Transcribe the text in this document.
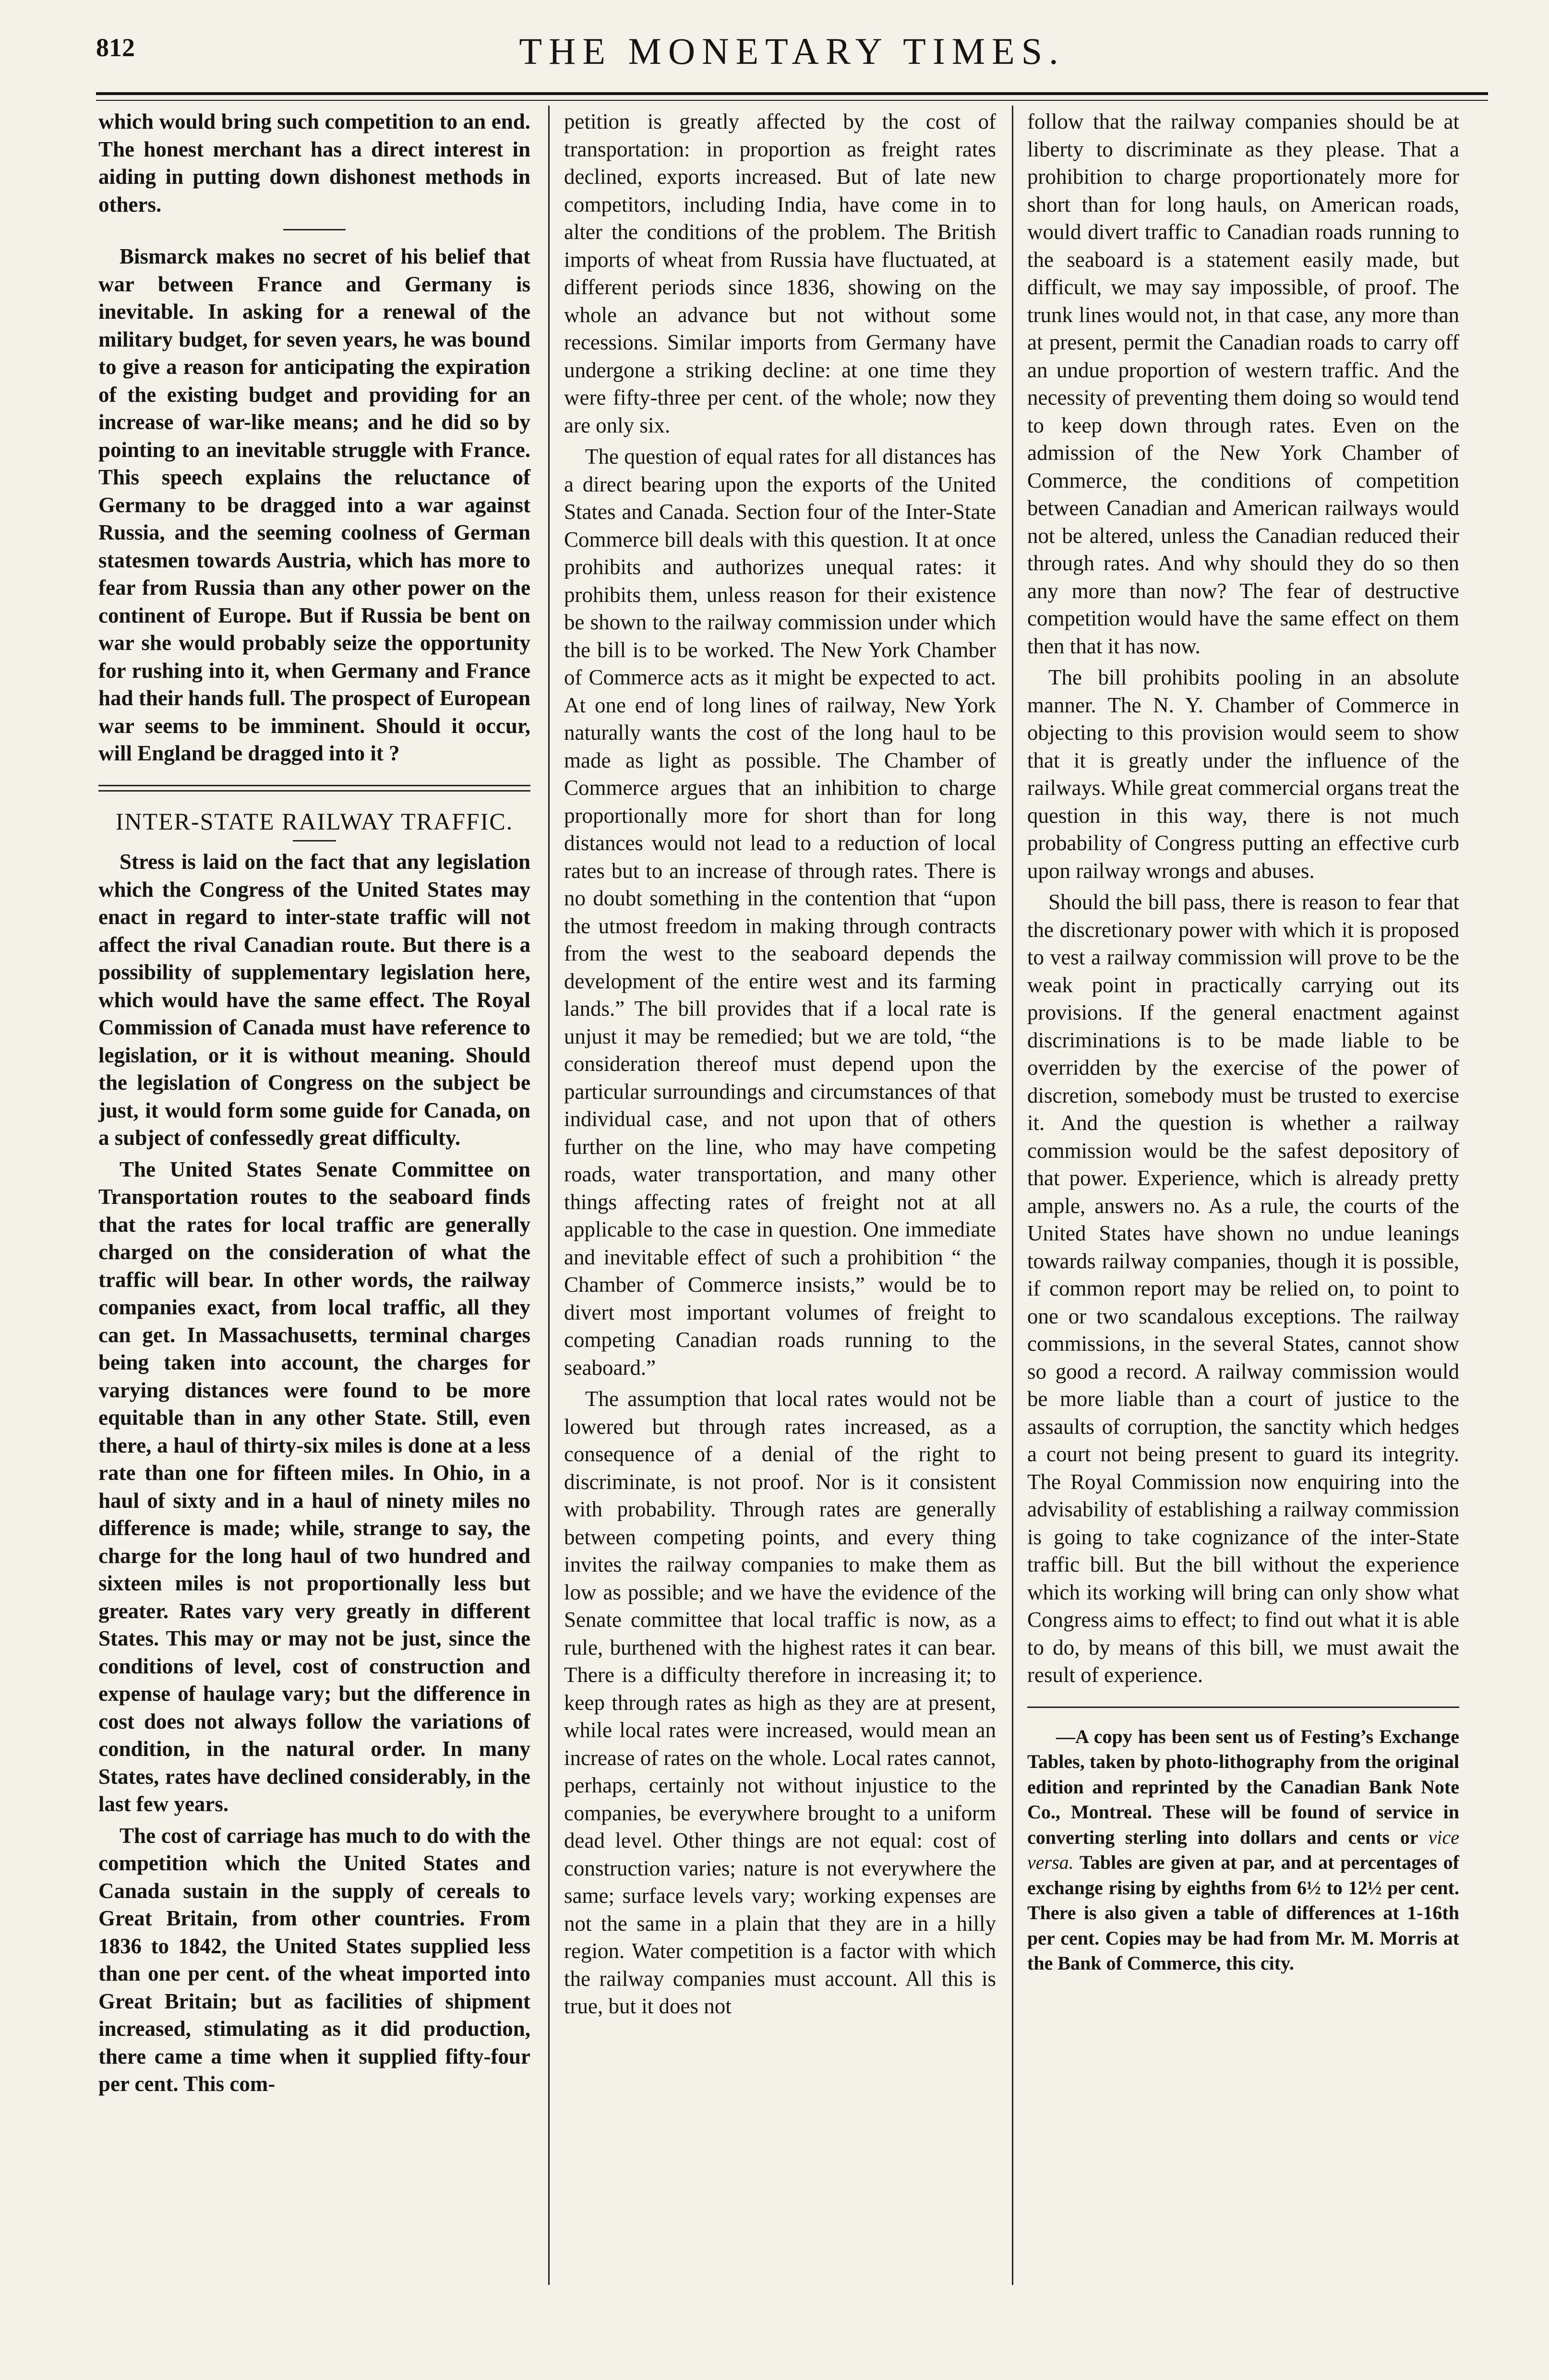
812	THE MONETARY TIMES.

which would bring such competition to an end. The honest merchant has a direct interest in aiding in putting down dishonest methods in others.

Bismarck makes no secret of his belief that war between France and Germany is inevitable. In asking for a renewal of the military budget, for seven years, he was bound to give a reason for anticipating the expiration of the existing budget and providing for an increase of war-like means; and he did so by pointing to an inevitable struggle with France. This speech explains the reluctance of Germany to be dragged into a war against Russia, and the seeming coolness of German statesmen towards Austria, which has more to fear from Russia than any other power on the continent of Europe. But if Russia be bent on war she would probably seize the opportunity for rushing into it, when Germany and France had their hands full. The prospect of European war seems to be imminent. Should it occur, will England be dragged into it ?

INTER-STATE RAILWAY TRAFFIC.

Stress is laid on the fact that any legislation which the Congress of the United States may enact in regard to inter-state traffic will not affect the rival Canadian route. But there is a possibility of supplementary legislation here, which would have the same effect. The Royal Commission of Canada must have reference to legislation, or it is without meaning. Should the legislation of Congress on the subject be just, it would form some guide for Canada, on a subject of confessedly great difficulty.

The United States Senate Committee on Transportation routes to the seaboard finds that the rates for local traffic are generally charged on the consideration of what the traffic will bear. In other words, the railway companies exact, from local traffic, all they can get. In Massachusetts, terminal charges being taken into account, the charges for varying distances were found to be more equitable than in any other State. Still, even there, a haul of thirty-six miles is done at a less rate than one for fifteen miles. In Ohio, in a haul of sixty and in a haul of ninety miles no difference is made; while, strange to say, the charge for the long haul of two hundred and sixteen miles is not proportionally less but greater. Rates vary very greatly in different States. This may or may not be just, since the conditions of level, cost of construction and expense of haulage vary; but the difference in cost does not always follow the variations of condition, in the natural order. In many States, rates have declined considerably, in the last few years.

The cost of carriage has much to do with the competition which the United States and Canada sustain in the supply of cereals to Great Britain, from other countries. From 1836 to 1842, the United States supplied less than one per cent. of the wheat imported into Great Britain; but as facilities of shipment increased, stimulating as it did production, there came a time when it supplied fifty-four per cent. This com-

petition is greatly affected by the cost of transportation: in proportion as freight rates declined, exports increased. But of late new competitors, including India, have come in to alter the conditions of the problem. The British imports of wheat from Russia have fluctuated, at different periods since 1836, showing on the whole an advance but not without some recessions. Similar imports from Germany have undergone a striking decline: at one time they were fifty-three per cent. of the whole; now they are only six.

The question of equal rates for all distances has a direct bearing upon the exports of the United States and Canada. Section four of the Inter-State Commerce bill deals with this question. It at once prohibits and authorizes unequal rates: it prohibits them, unless reason for their existence be shown to the railway commission under which the bill is to be worked. The New York Chamber of Commerce acts as it might be expected to act. At one end of long lines of railway, New York naturally wants the cost of the long haul to be made as light as possible. The Chamber of Commerce argues that an inhibition to charge proportionally more for short than for long distances would not lead to a reduction of local rates but to an increase of through rates. There is no doubt something in the contention that “upon the utmost freedom in making through contracts from the west to the seaboard depends the development of the entire west and its farming lands.” The bill provides that if a local rate is unjust it may be remedied; but we are told, “the consideration thereof must depend upon the particular surroundings and circumstances of that individual case, and not upon that of others further on the line, who may have competing roads, water transportation, and many other things affecting rates of freight not at all applicable to the case in question. One immediate and inevitable effect of such a prohibition “ the Chamber of Commerce insists,” would be to divert most important volumes of freight to competing Canadian roads running to the seaboard.”

The assumption that local rates would not be lowered but through rates increased, as a consequence of a denial of the right to discriminate, is not proof. Nor is it consistent with probability. Through rates are generally between competing points, and every thing invites the railway companies to make them as low as possible; and we have the evidence of the Senate committee that local traffic is now, as a rule, burthened with the highest rates it can bear. There is a difficulty therefore in increasing it; to keep through rates as high as they are at present, while local rates were increased, would mean an increase of rates on the whole. Local rates cannot, perhaps, certainly not without injustice to the companies, be everywhere brought to a uniform dead level. Other things are not equal: cost of construction varies; nature is not everywhere the same; surface levels vary; working expenses are not the same in a plain that they are in a hilly region. Water competition is a factor with which the railway companies must account. All this is true, but it does not

follow that the railway companies should be at liberty to discriminate as they please. That a prohibition to charge proportionately more for short than for long hauls, on American roads, would divert traffic to Canadian roads running to the seaboard is a statement easily made, but difficult, we may say impossible, of proof. The trunk lines would not, in that case, any more than at present, permit the Canadian roads to carry off an undue proportion of western traffic. And the necessity of preventing them doing so would tend to keep down through rates. Even on the admission of the New York Chamber of Commerce, the conditions of competition between Canadian and American railways would not be altered, unless the Canadian reduced their through rates. And why should they do so then any more than now? The fear of destructive competition would have the same effect on them then that it has now.

The bill prohibits pooling in an absolute manner. The N. Y. Chamber of Commerce in objecting to this provision would seem to show that it is greatly under the influence of the railways. While great commercial organs treat the question in this way, there is not much probability of Congress putting an effective curb upon railway wrongs and abuses.

Should the bill pass, there is reason to fear that the discretionary power with which it is proposed to vest a railway commission will prove to be the weak point in practically carrying out its provisions. If the general enactment against discriminations is to be made liable to be overridden by the exercise of the power of discretion, somebody must be trusted to exercise it. And the question is whether a railway commission would be the safest depository of that power. Experience, which is already pretty ample, answers no. As a rule, the courts of the United States have shown no undue leanings towards railway companies, though it is possible, if common report may be relied on, to point to one or two scandalous exceptions. The railway commissions, in the several States, cannot show so good a record. A railway commission would be more liable than a court of justice to the assaults of corruption, the sanctity which hedges a court not being present to guard its integrity. The Royal Commission now enquiring into the advisability of establishing a railway commission is going to take cognizance of the inter-State traffic bill. But the bill without the experience which its working will bring can only show what Congress aims to effect; to find out what it is able to do, by means of this bill, we must await the result of experience.

—A copy has been sent us of Festing’s Exchange Tables, taken by photo-lithography from the original edition and reprinted by the Canadian Bank Note Co., Montreal. These will be found of service in converting sterling into dollars and cents or vice versa. Tables are given at par, and at percentages of exchange rising by eighths from 6½ to 12½ per cent. There is also given a table of differences at 1-16th per cent. Copies may be had from Mr. M. Morris at the Bank of Commerce, this city.
